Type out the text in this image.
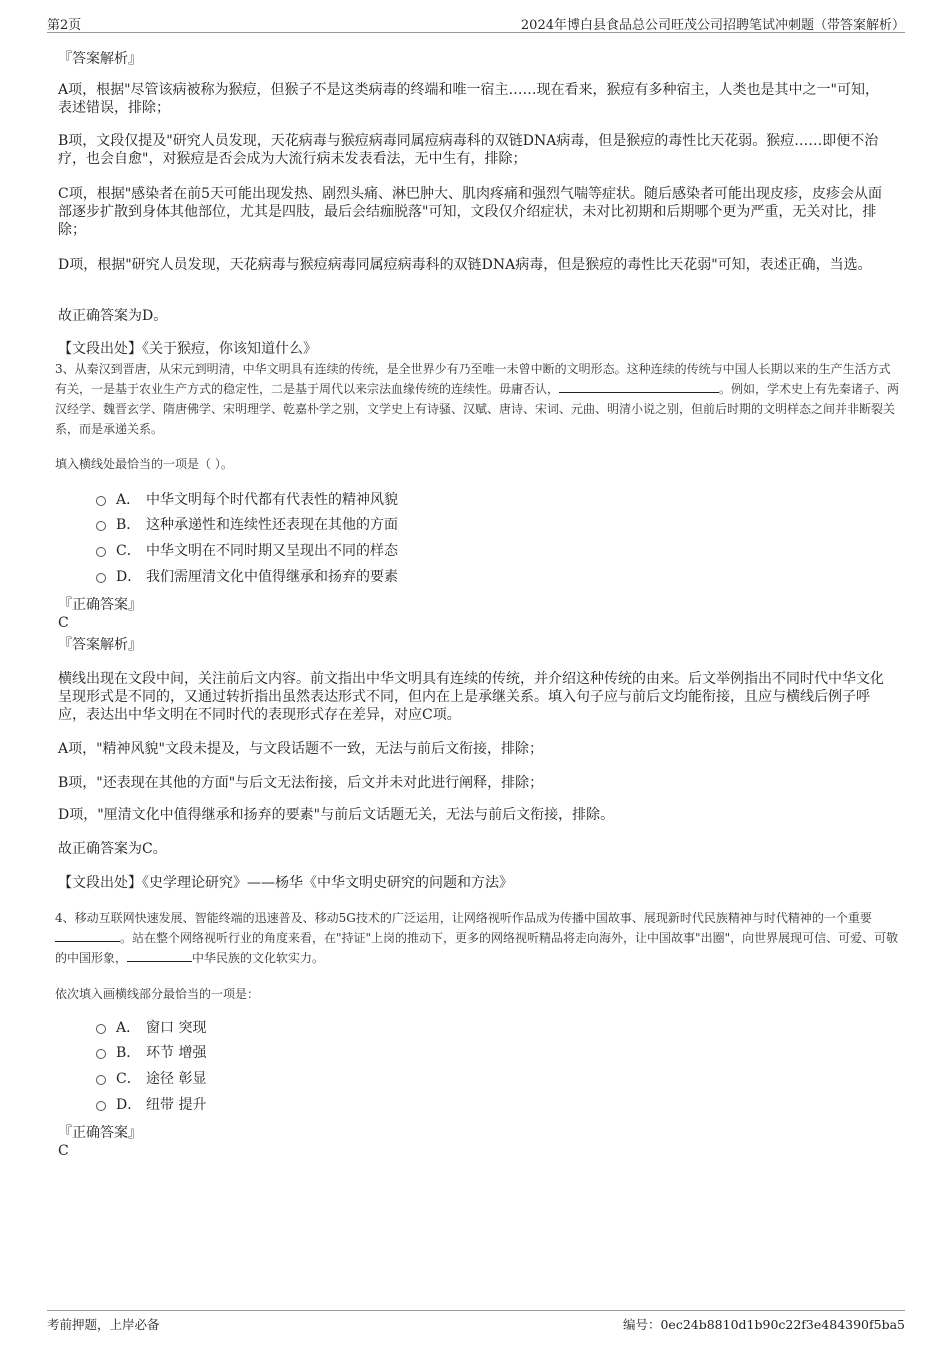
第2页	2024年博白县食品总公司旺茂公司招聘笔试冲刺题（带答案解析）
『答案解析』
A项，根据"尽管该病被称为猴痘，但猴子不是这类病毒的终端和唯一宿主……现在看来，猴痘有多种宿主，人类也是其中之一"可知，表述错误，排除；
B项，文段仅提及"研究人员发现，天花病毒与猴痘病毒同属痘病毒科的双链DNA病毒，但是猴痘的毒性比天花弱。猴痘……即便不治疗，也会自愈"，对猴痘是否会成为大流行病未发表看法，无中生有，排除；
C项，根据"感染者在前5天可能出现发热、剧烈头痛、淋巴肿大、肌肉疼痛和强烈气喘等症状。随后感染者可能出现皮疹，皮疹会从面部逐步扩散到身体其他部位，尤其是四肢，最后会结痂脱落"可知，文段仅介绍症状，未对比初期和后期哪个更为严重，无关对比，排除；
D项，根据"研究人员发现，天花病毒与猴痘病毒同属痘病毒科的双链DNA病毒，但是猴痘的毒性比天花弱"可知，表述正确，当选。
故正确答案为D。
【文段出处】《关于猴痘，你该知道什么》
3、从秦汉到晋唐，从宋元到明清，中华文明具有连续的传统，是全世界少有乃至唯一未曾中断的文明形态。这种连续的传统与中国人长期以来的生产生活方式有关，一是基于农业生产方式的稳定性，二是基于周代以来宗法血缘传统的连续性。毋庸否认，	。例如，学术史上有先秦诸子、两汉经学、魏晋玄学、隋唐佛学、宋明理学、乾嘉朴学之别，文学史上有诗骚、汉赋、唐诗、宋词、元曲、明清小说之别，但前后时期的文明样态之间并非断裂关系，而是承递关系。
填入横线处最恰当的一项是（ ）。
A． 中华文明每个时代都有代表性的精神风貌
B． 这种承递性和连续性还表现在其他的方面
C． 中华文明在不同时期又呈现出不同的样态
D． 我们需厘清文化中值得继承和扬弃的要素
『正确答案』
C
『答案解析』
横线出现在文段中间，关注前后文内容。前文指出中华文明具有连续的传统，并介绍这种传统的由来。后文举例指出不同时代中华文化呈现形式是不同的，又通过转折指出虽然表达形式不同，但内在上是承继关系。填入句子应与前后文均能衔接，且应与横线后例子呼应，表达出中华文明在不同时代的表现形式存在差异，对应C项。
A项，"精神风貌"文段未提及，与文段话题不一致，无法与前后文衔接，排除；
B项，"还表现在其他的方面"与后文无法衔接，后文并未对此进行阐释，排除；
D项，"厘清文化中值得继承和扬弃的要素"与前后文话题无关，无法与前后文衔接，排除。
故正确答案为C。
【文段出处】《史学理论研究》——杨华《中华文明史研究的问题和方法》
4、移动互联网快速发展、智能终端的迅速普及、移动5G技术的广泛运用，让网络视听作品成为传播中国故事、展现新时代民族精神与时代精神的一个重要。站在整个网络视听行业的角度来看，在"持证"上岗的推动下，更多的网络视听精品将走向海外，让中国故事"出圈"，向世界展现可信、可爱、可敬的中国形象，	中华民族的文化软实力。
依次填入画横线部分最恰当的一项是：
A． 窗口 突现
B． 环节 增强
C． 途径 彰显
D． 纽带 提升
『正确答案』
C
考前押题，上岸必备	编号：0ec24b8810d1b90c22f3e484390f5ba5
